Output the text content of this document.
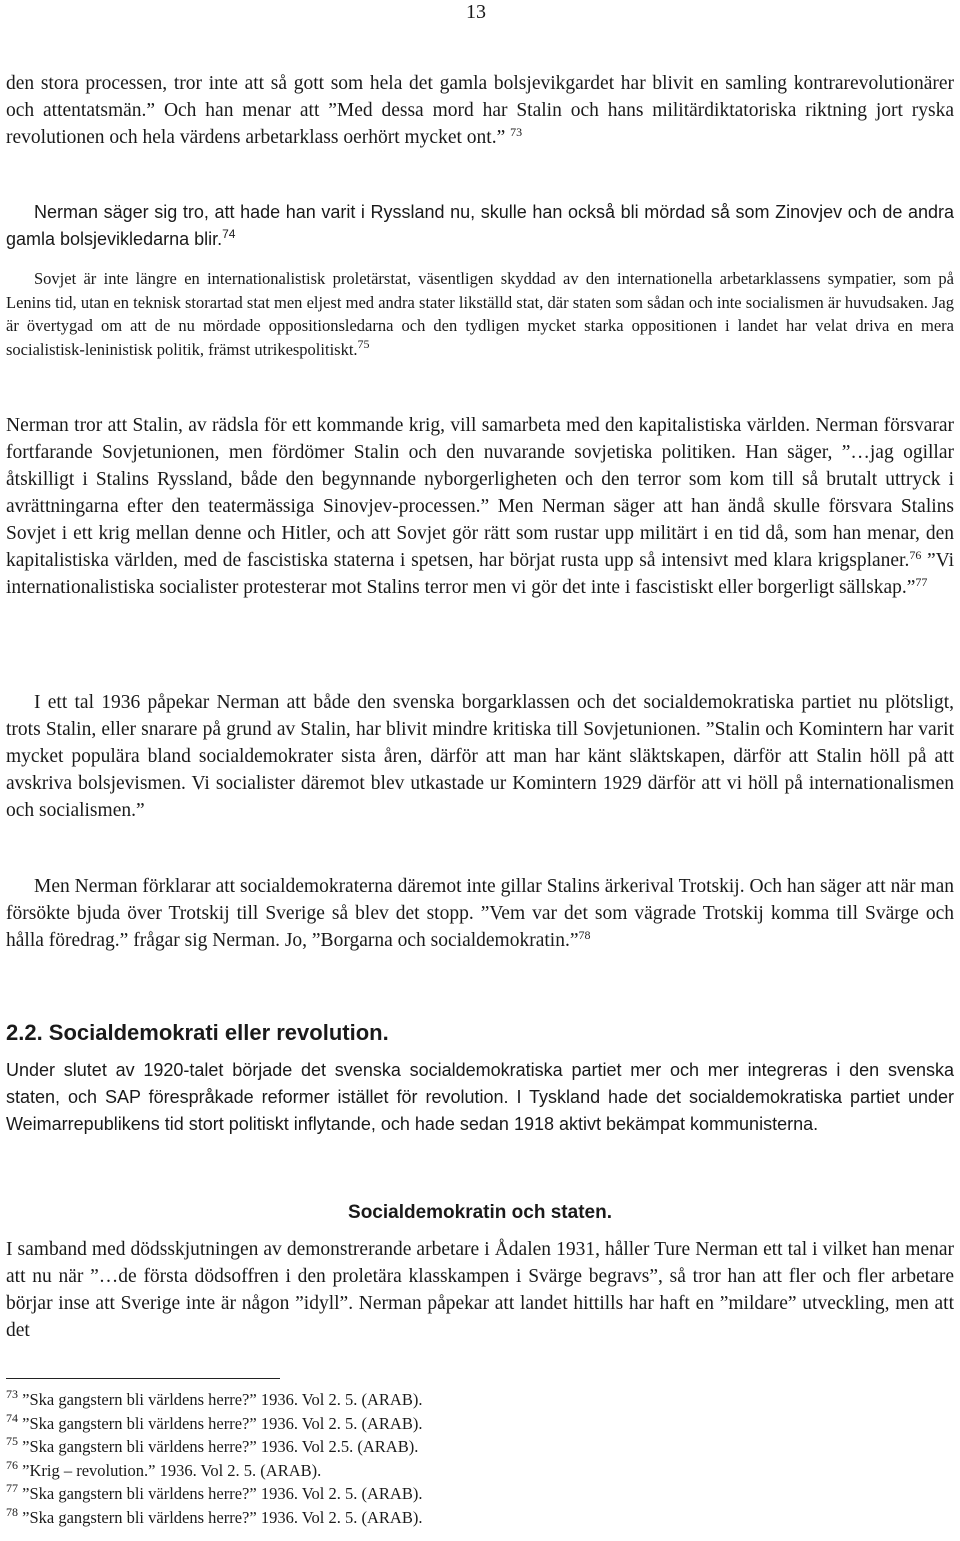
13

den stora processen, tror inte att så gott som hela det gamla bolsjevikgardet har blivit en samling kontrarevolutionärer och attentatsmän.” Och han menar att ”Med dessa mord har Stalin och hans militärdiktatoriska riktning jort ryska revolutionen och hela värdens arbetarklass oerhört mycket ont.” $^{73}$

Nerman säger sig tro, att hade han varit i Ryssland nu, skulle han också bli mördad så som Zinovjev och de andra gamla bolsjevikledarna blir.$^{74}$

Sovjet är inte längre en internationalistisk proletärstat, väsentligen skyddad av den internationella arbetarklassens sympatier, som på Lenins tid, utan en teknisk storartad stat men eljest med andra stater likställd stat, där staten som sådan och inte socialismen är huvudsaken. Jag är övertygad om att de nu mördade oppositionsledarna och den tydligen mycket starka oppositionen i landet har velat driva en mera socialistisk-leninistisk politik, främst utrikespolitiskt.$^{75}$

Nerman tror att Stalin, av rädsla för ett kommande krig, vill samarbeta med den kapitalistiska världen. Nerman försvarar fortfarande Sovjetunionen, men fördömer Stalin och den nuvarande sovjetiska politiken. Han säger, ”…jag ogillar åtskilligt i Stalins Ryssland, både den begynnande nyborgerligheten och den terror som kom till så brutalt uttryck i avrättningarna efter den teatermässiga Sinovjev-processen.” Men Nerman säger att han ändå skulle försvara Stalins Sovjet i ett krig mellan denne och Hitler, och att Sovjet gör rätt som rustar upp militärt i en tid då, som han menar, den kapitalistiska världen, med de fascistiska staterna i spetsen, har börjat rusta upp så intensivt med klara krigsplaner.$^{76}$ ”Vi internationalistiska socialister protesterar mot Stalins terror men vi gör det inte i fascistiskt eller borgerligt sällskap.”$^{77}$

I ett tal 1936 påpekar Nerman att både den svenska borgarklassen och det socialdemokratiska partiet nu plötsligt, trots Stalin, eller snarare på grund av Stalin, har blivit mindre kritiska till Sovjetunionen. ”Stalin och Komintern har varit mycket populära bland socialdemokrater sista åren, därför att man har känt släktskapen, därför att Stalin höll på att avskriva bolsjevismen. Vi socialister däremot blev utkastade ur Komintern 1929 därför att vi höll på internationalismen och socialismen.”

Men Nerman förklarar att socialdemokraterna däremot inte gillar Stalins ärkerival Trotskij. Och han säger att när man försökte bjuda över Trotskij till Sverige så blev det stopp. ”Vem var det som vägrade Trotskij komma till Svärge och hålla föredrag.” frågar sig Nerman. Jo, ”Borgarna och socialdemokratin.”$^{78}$

2.2. Socialdemokrati eller revolution.

Under slutet av 1920-talet började det svenska socialdemokratiska partiet mer och mer integreras i den svenska staten, och SAP förespråkade reformer istället för revolution. I Tyskland hade det socialdemokratiska partiet under Weimarrepublikens tid stort politiskt inflytande, och hade sedan 1918 aktivt bekämpat kommunisterna.

Socialdemokratin och staten.

I samband med dödsskjutningen av demonstrerande arbetare i Ådalen 1931, håller Ture Nerman ett tal i vilket han menar att nu när ”…de första dödsoffren i den proletära klasskampen i Svärge begravs”, så tror han att fler och fler arbetare börjar inse att Sverige inte är någon ”idyll”. Nerman påpekar att landet hittills har haft en ”mildare” utveckling, men att det

$^{73}$ ”Ska gangstern bli världens herre?” 1936. Vol 2. 5. (ARAB).
$^{74}$ ”Ska gangstern bli världens herre?” 1936. Vol 2. 5. (ARAB).
$^{75}$ ”Ska gangstern bli världens herre?” 1936. Vol 2.5. (ARAB).
$^{76}$ ”Krig – revolution.” 1936. Vol 2. 5. (ARAB).
$^{77}$ ”Ska gangstern bli världens herre?” 1936. Vol 2. 5. (ARAB).
$^{78}$ ”Ska gangstern bli världens herre?” 1936. Vol 2. 5. (ARAB).
